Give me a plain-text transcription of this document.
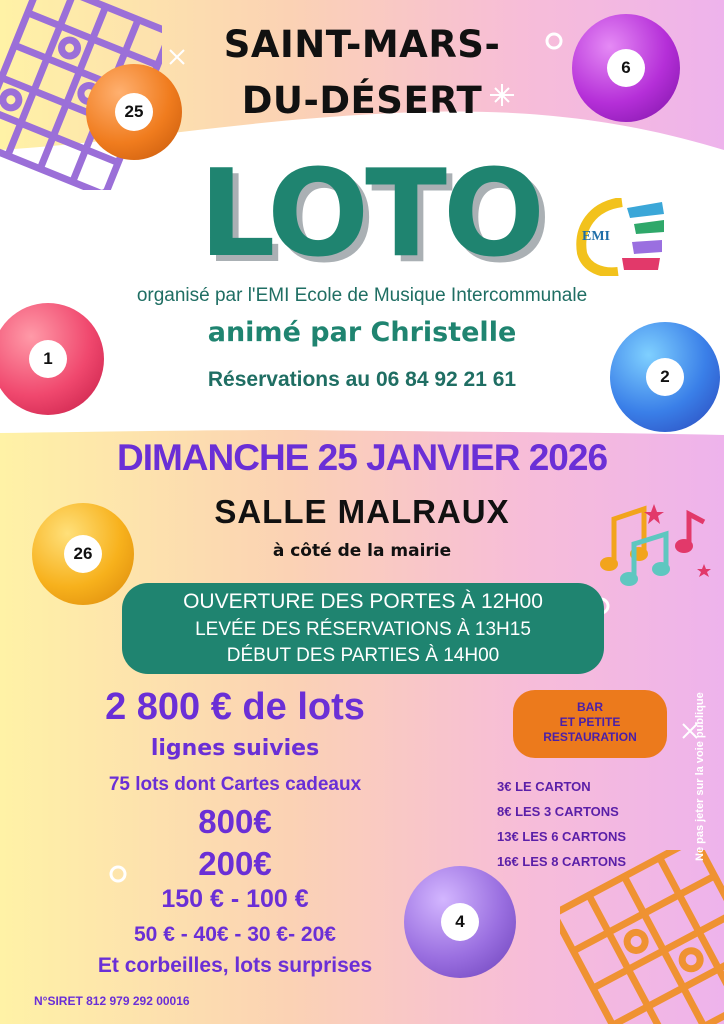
25
6
1
2
26
4
EMI
SAINT-MARS-
DU-DÉSERT
LOTO
organisé par l'EMI Ecole de Musique Intercommunale
animé par Christelle
Réservations au 06 84 92 21 61
DIMANCHE 25 JANVIER 2026
SALLE MALRAUX
à côté de la mairie
OUVERTURE DES PORTES À 12H00
LEVÉE DES RÉSERVATIONS À 13H15
DÉBUT DES PARTIES À 14H00
2 800 € de lots
lignes suivies
75 lots dont Cartes cadeaux
800€
200€
150 € - 100 €
50 € - 40€ - 30 €- 20€
Et corbeilles, lots surprises
BAR
ET PETITE
RESTAURATION
3€ LE CARTON
8€ LES 3 CARTONS
13€ LES 6 CARTONS
16€ LES 8 CARTONS
Ne pas jeter sur la voie publique
N°SIRET 812 979 292 00016
